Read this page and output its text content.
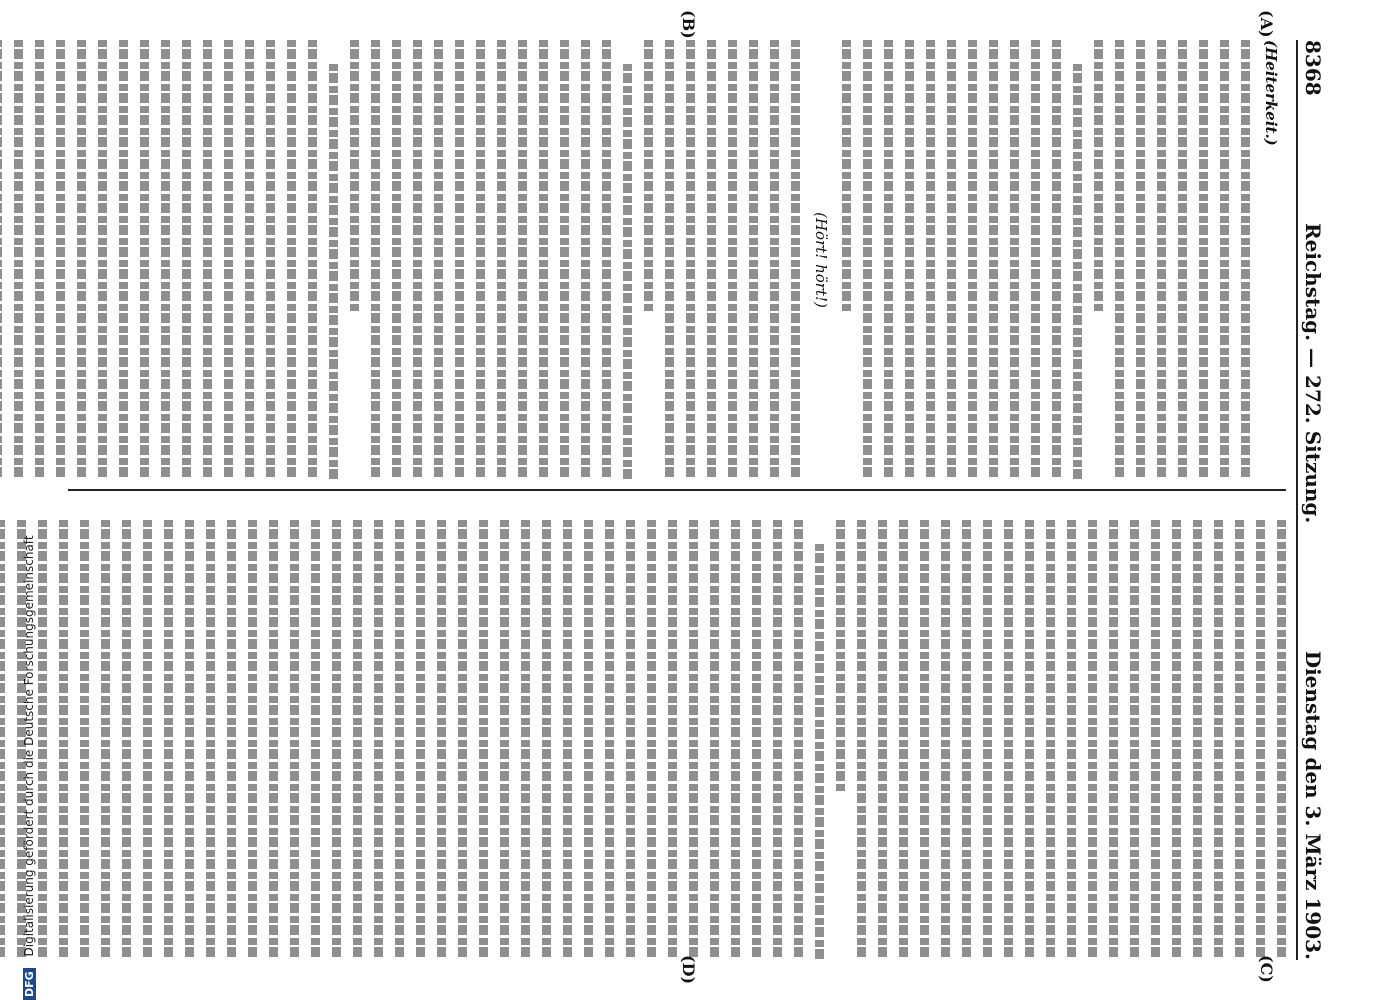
8368
Reichstag. — 272. Sitzung.
Dienstag den 3. März 1903.
(Heiterkeit.)
(Hört! hört!)
(A)
(B)
(C)
(D)
DFG Digitalisierung gefördert durch die Deutsche Forschungsgemeinschaft
